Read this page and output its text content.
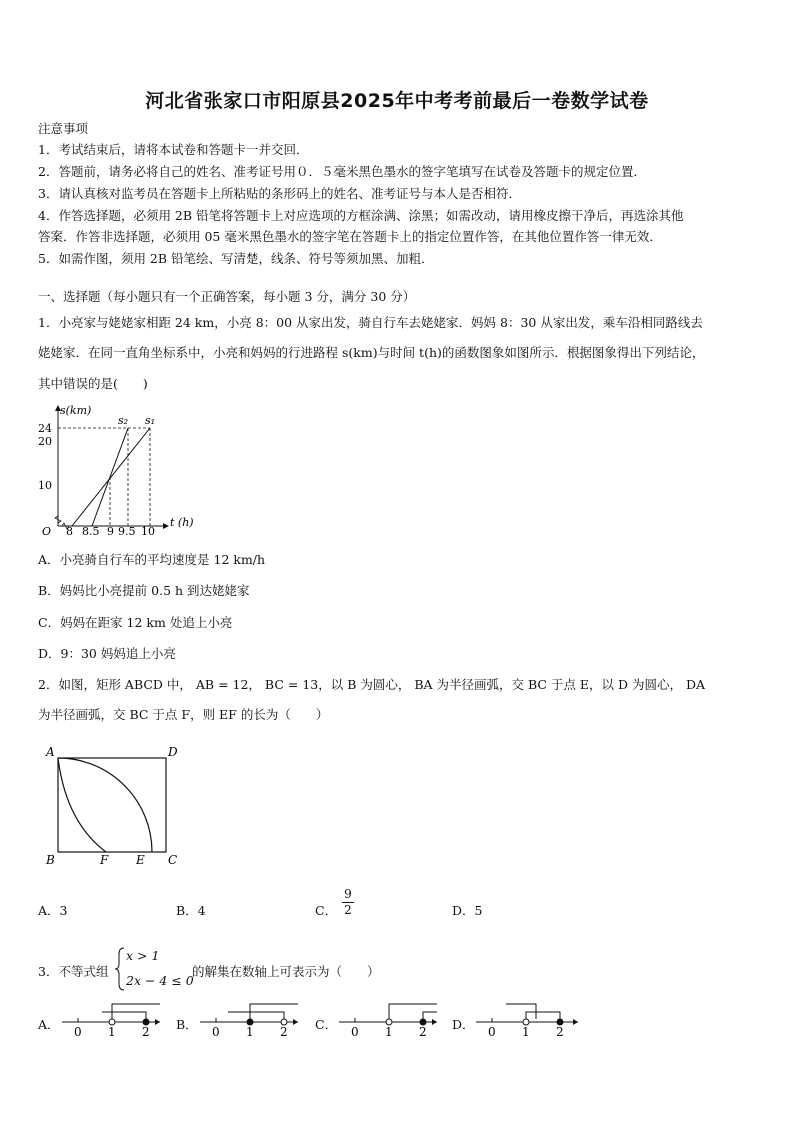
河北省张家口市阳原县2025年中考考前最后一卷数学试卷
注意事项
1．考试结束后，请将本试卷和答题卡一并交回．
2．答题前，请务必将自己的姓名、准考证号用０．５毫米黑色墨水的签字笔填写在试卷及答题卡的规定位置．
3．请认真核对监考员在答题卡上所粘贴的条形码上的姓名、准考证号与本人是否相符．
4．作答选择题，必须用 2B 铅笔将答题卡上对应选项的方框涂满、涂黑；如需改动，请用橡皮擦干净后，再选涂其他
答案．作答非选择题，必须用 05 毫米黑色墨水的签字笔在答题卡上的指定位置作答，在其他位置作答一律无效．
5．如需作图，须用 2B 铅笔绘、写清楚，线条、符号等须加黑、加粗．
一、选择题（每小题只有一个正确答案，每小题 3 分，满分 30 分）
1．小亮家与姥姥家相距 24 km，小亮 8：00 从家出发，骑自行车去姥姥家．妈妈 8：30 从家出发，乘车沿相同路线去
姥姥家．在同一直角坐标系中，小亮和妈妈的行进路程 s(km)与时间 t(h)的函数图象如图所示．根据图象得出下列结论，
其中错误的是(　　)
s(km)
24
20
10
O 8 8.5 9 9.5 10
t (h)
s₂ s₁
A．小亮骑自行车的平均速度是 12 km/h
B．妈妈比小亮提前 0.5 h 到达姥姥家
C．妈妈在距家 12 km 处追上小亮
D．9：30 妈妈追上小亮
2．如图，矩形 ABCD 中， AB = 12， BC = 13，以 B 为圆心， BA 为半径画弧，交 BC 于点 E，以 D 为圆心， DA
为半径画弧，交 BC 于点 F，则 EF 的长为（　　）
A	D
B	F E C
A．3	B．4	C． $\frac{9}{2}$	D．5
3．不等式组
x > 1
2x − 4 ≤ 0
的解集在数轴上可表示为（　　）
A． 0 1 2 B． 0 1 2 C． 0 1 2 D． 0 1 2
